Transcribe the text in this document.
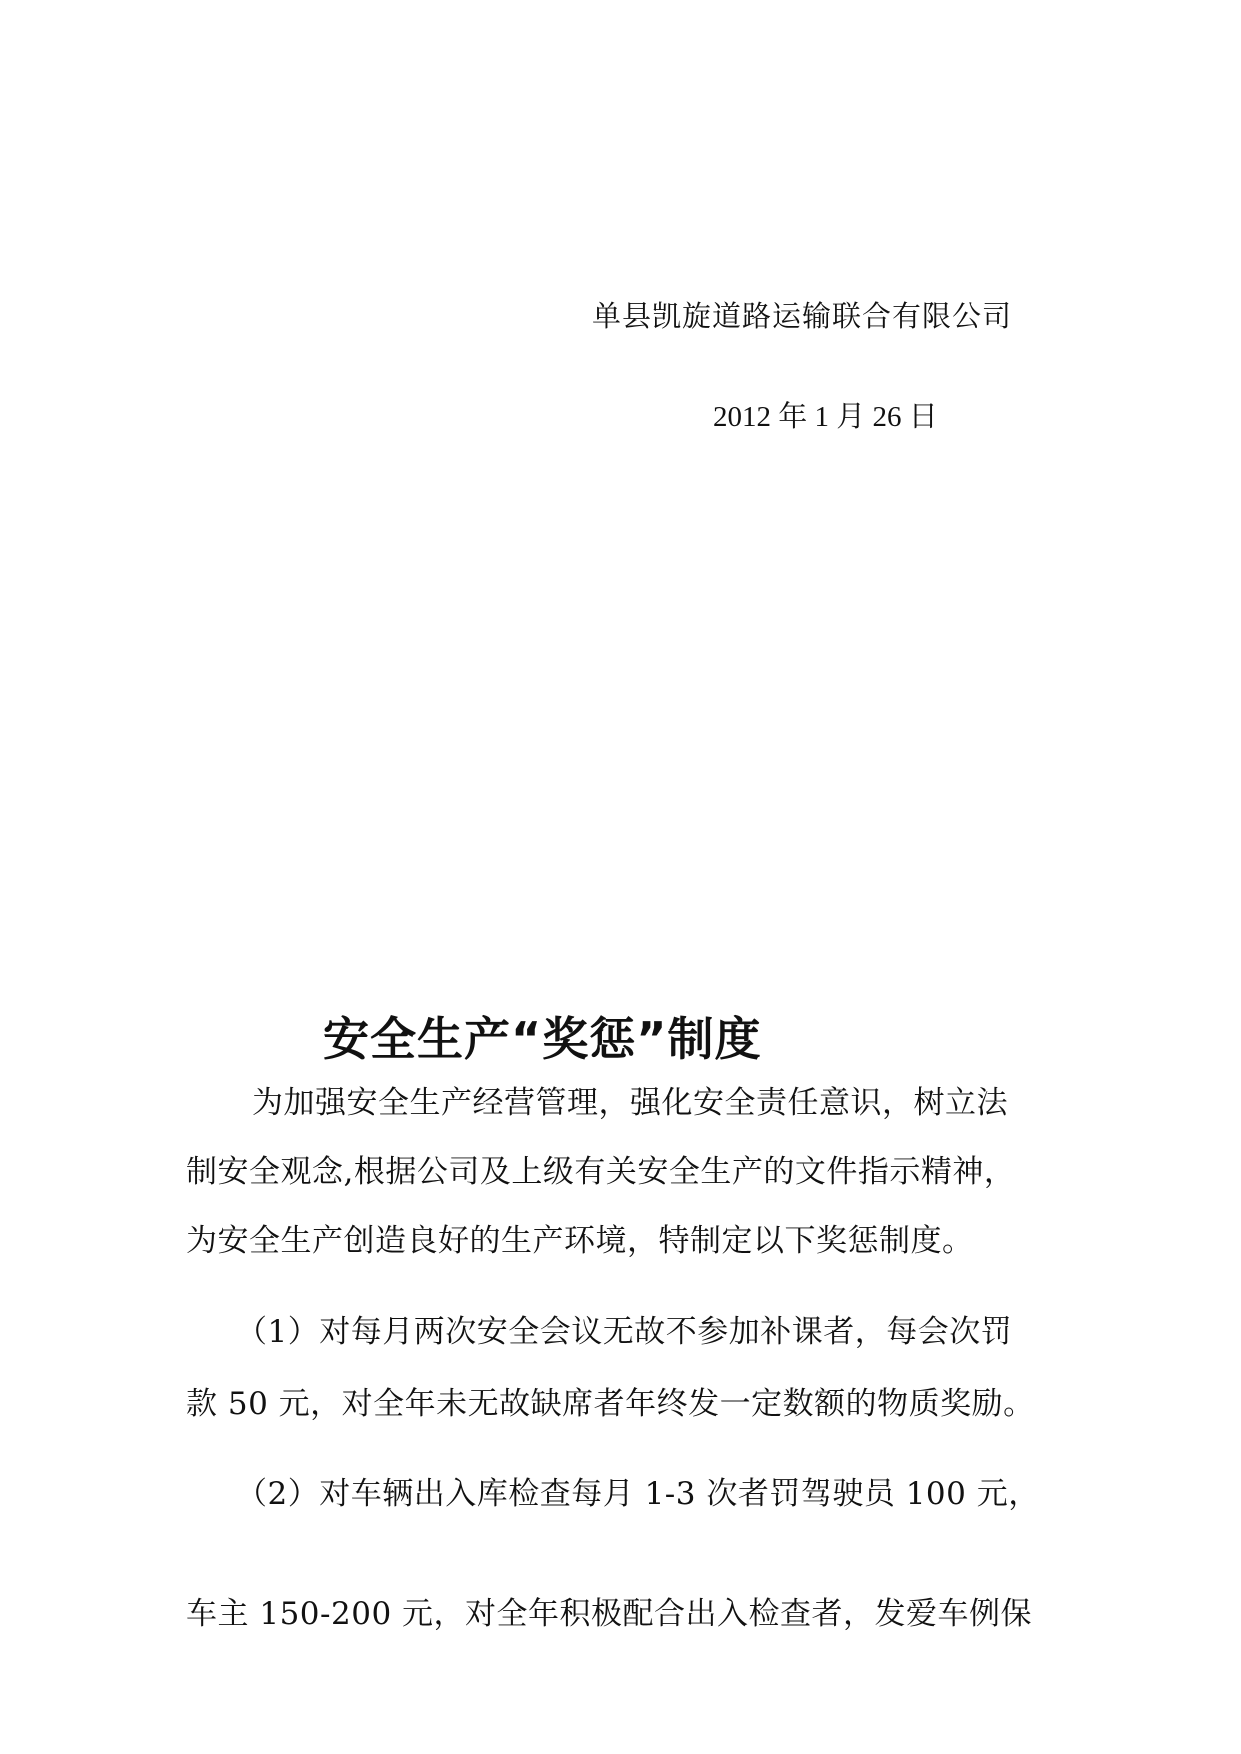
单县凯旋道路运输联合有限公司
2012 年 1 月 26 日
安全生产“奖惩”制度
为加强安全生产经营管理，强化安全责任意识，树立法
制安全观念,根据公司及上级有关安全生产的文件指示精神，
为安全生产创造良好的生产环境，特制定以下奖惩制度。
（1）对每月两次安全会议无故不参加补课者，每会次罚
款 50 元，对全年未无故缺席者年终发一定数额的物质奖励。
（2）对车辆出入库检查每月 1-3 次者罚驾驶员 100 元，
车主 150-200 元，对全年积极配合出入检查者，发爱车例保
